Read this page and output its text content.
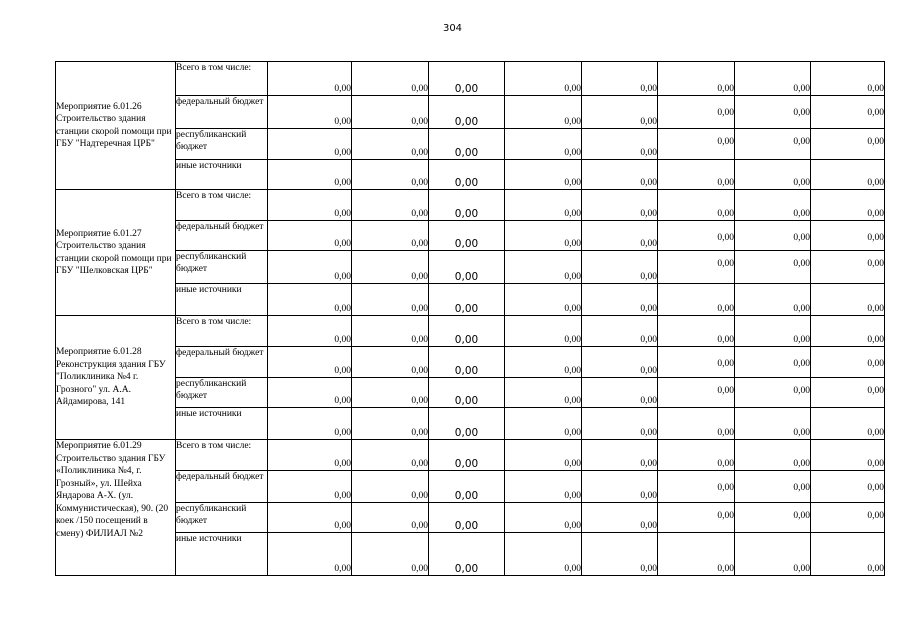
304
Мероприятие 6.01.26 Строительство здания станции скорой помощи при ГБУ "Надтеречная ЦРБ"	Всего в том числе:	0,00	0,00	0,00	0,00	0,00	0,00	0,00	0,00
	федеральный бюджет	0,00	0,00	0,00	0,00	0,00	0,00	0,00	0,00
	республиканский бюджет	0,00	0,00	0,00	0,00	0,00	0,00	0,00	0,00
	иные источники	0,00	0,00	0,00	0,00	0,00	0,00	0,00	0,00
Мероприятие 6.01.27 Строительство здания станции скорой помощи при ГБУ "Шелковская ЦРБ"	Всего в том числе:	0,00	0,00	0,00	0,00	0,00	0,00	0,00	0,00
	федеральный бюджет	0,00	0,00	0,00	0,00	0,00	0,00	0,00	0,00
	республиканский бюджет	0,00	0,00	0,00	0,00	0,00	0,00	0,00	0,00
	иные источники	0,00	0,00	0,00	0,00	0,00	0,00	0,00	0,00
Мероприятие 6.01.28 Реконструкция здания ГБУ "Поликлиника №4 г. Грозного" ул. А.А. Айдамирова, 141	Всего в том числе:	0,00	0,00	0,00	0,00	0,00	0,00	0,00	0,00
	федеральный бюджет	0,00	0,00	0,00	0,00	0,00	0,00	0,00	0,00
	республиканский бюджет	0,00	0,00	0,00	0,00	0,00	0,00	0,00	0,00
	иные источники	0,00	0,00	0,00	0,00	0,00	0,00	0,00	0,00
Мероприятие 6.01.29 Строительство здания ГБУ «Поликлиника №4, г. Грозный», ул. Шейха Яндарова А-Х. (ул. Коммунистическая), 90. (20 коек /150 посещений в смену) ФИЛИАЛ №2	Всего в том числе:	0,00	0,00	0,00	0,00	0,00	0,00	0,00	0,00
	федеральный бюджет	0,00	0,00	0,00	0,00	0,00	0,00	0,00	0,00
	республиканский бюджет	0,00	0,00	0,00	0,00	0,00	0,00	0,00	0,00
	иные источники	0,00	0,00	0,00	0,00	0,00	0,00	0,00	0,00
